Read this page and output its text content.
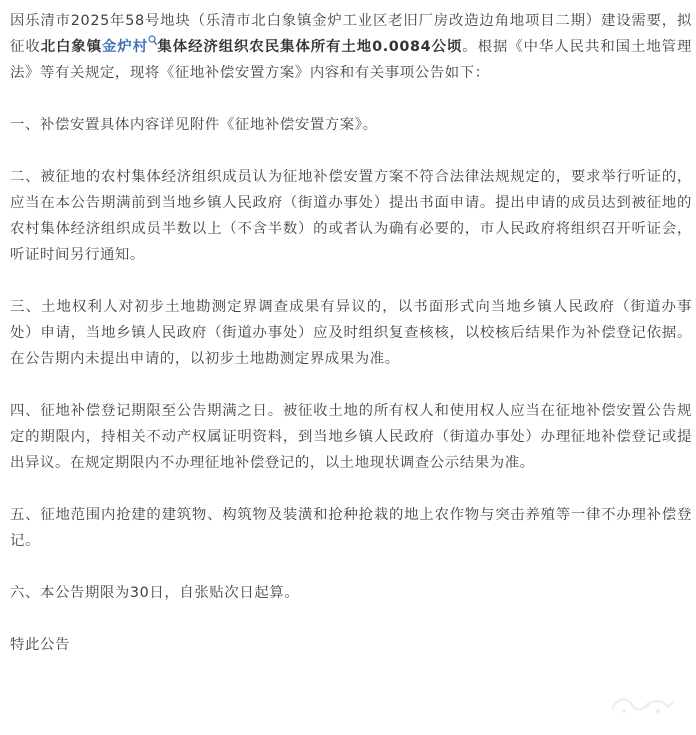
因乐清市2025年58号地块（乐清市北白象镇金炉工业区老旧厂房改造边角地项目二期）建设需要，拟征收北白象镇金炉村 集体经济组织农民集体所有土地0.0084公顷。根据《中华人民共和国土地管理法》等有关规定，现将《征地补偿安置方案》内容和有关事项公告如下：

一、补偿安置具体内容详见附件《征地补偿安置方案》。

二、被征地的农村集体经济组织成员认为征地补偿安置方案不符合法律法规规定的，要求举行听证的，应当在本公告期满前到当地乡镇人民政府（街道办事处）提出书面申请。提出申请的成员达到被征地的农村集体经济组织成员半数以上（不含半数）的或者认为确有必要的，市人民政府将组织召开听证会，听证时间另行通知。

三、土地权利人对初步土地勘测定界调查成果有异议的，以书面形式向当地乡镇人民政府（街道办事处）申请，当地乡镇人民政府（街道办事处）应及时组织复查核核，以校核后结果作为补偿登记依据。在公告期内未提出申请的，以初步土地勘测定界成果为准。

四、征地补偿登记期限至公告期满之日。被征收土地的所有权人和使用权人应当在征地补偿安置公告规定的期限内，持相关不动产权属证明资料，到当地乡镇人民政府（街道办事处）办理征地补偿登记或提出异议。在规定期限内不办理征地补偿登记的，以土地现状调查公示结果为准。

五、征地范围内抢建的建筑物、构筑物及装潢和抢种抢栽的地上农作物与突击养殖等一律不办理补偿登记。

六、本公告期限为30日，自张贴次日起算。

特此公告
